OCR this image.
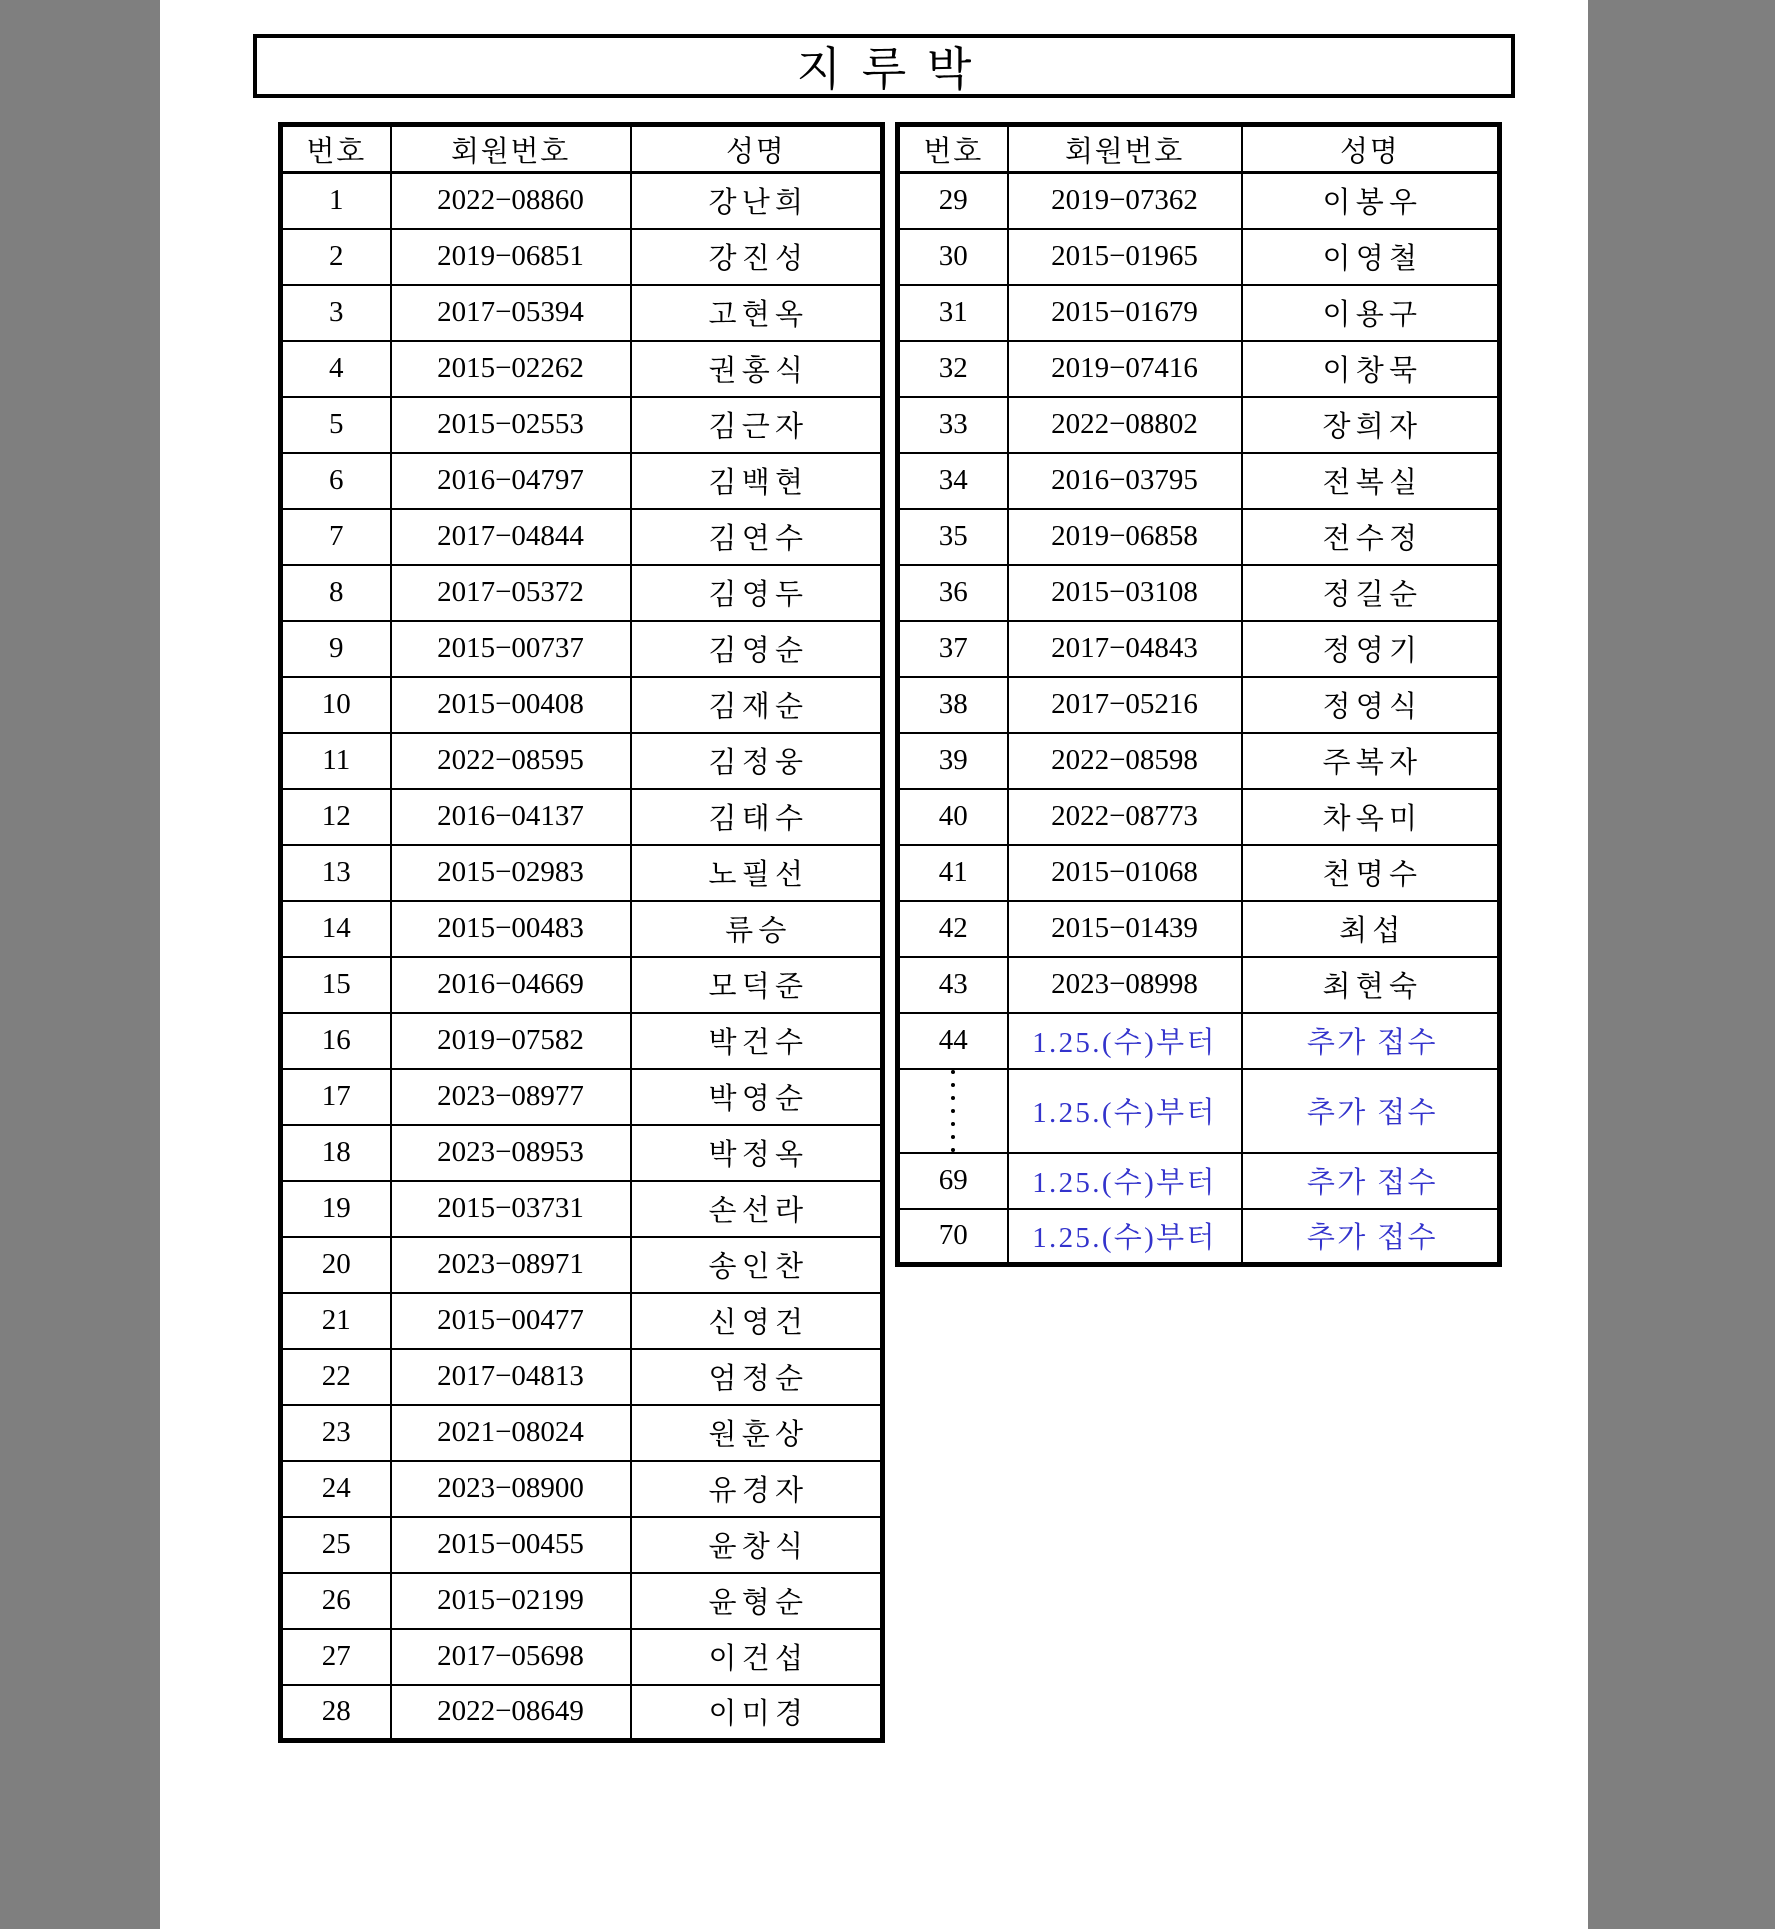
지루박
번호	회원번호	성명
1	2022−08860	강난희
2	2019−06851	강진성
3	2017−05394	고현옥
4	2015−02262	권홍식
5	2015−02553	김근자
6	2016−04797	김백현
7	2017−04844	김연수
8	2017−05372	김영두
9	2015−00737	김영순
10	2015−00408	김재순
11	2022−08595	김정웅
12	2016−04137	김태수
13	2015−02983	노필선
14	2015−00483	류승
15	2016−04669	모덕준
16	2019−07582	박건수
17	2023−08977	박영순
18	2023−08953	박정옥
19	2015−03731	손선라
20	2023−08971	송인찬
21	2015−00477	신영건
22	2017−04813	엄정순
23	2021−08024	원훈상
24	2023−08900	유경자
25	2015−00455	윤창식
26	2015−02199	윤형순
27	2017−05698	이건섭
28	2022−08649	이미경
번호	회원번호	성명
29	2019−07362	이봉우
30	2015−01965	이영철
31	2015−01679	이용구
32	2019−07416	이창묵
33	2022−08802	장희자
34	2016−03795	전복실
35	2019−06858	전수정
36	2015−03108	정길순
37	2017−04843	정영기
38	2017−05216	정영식
39	2022−08598	주복자
40	2022−08773	차옥미
41	2015−01068	천명수
42	2015−01439	최섭
43	2023−08998	최현숙
44	1.25.(수)부터	추가 접수

	1.25.(수)부터	추가 접수
69	1.25.(수)부터	추가 접수
70	1.25.(수)부터	추가 접수
